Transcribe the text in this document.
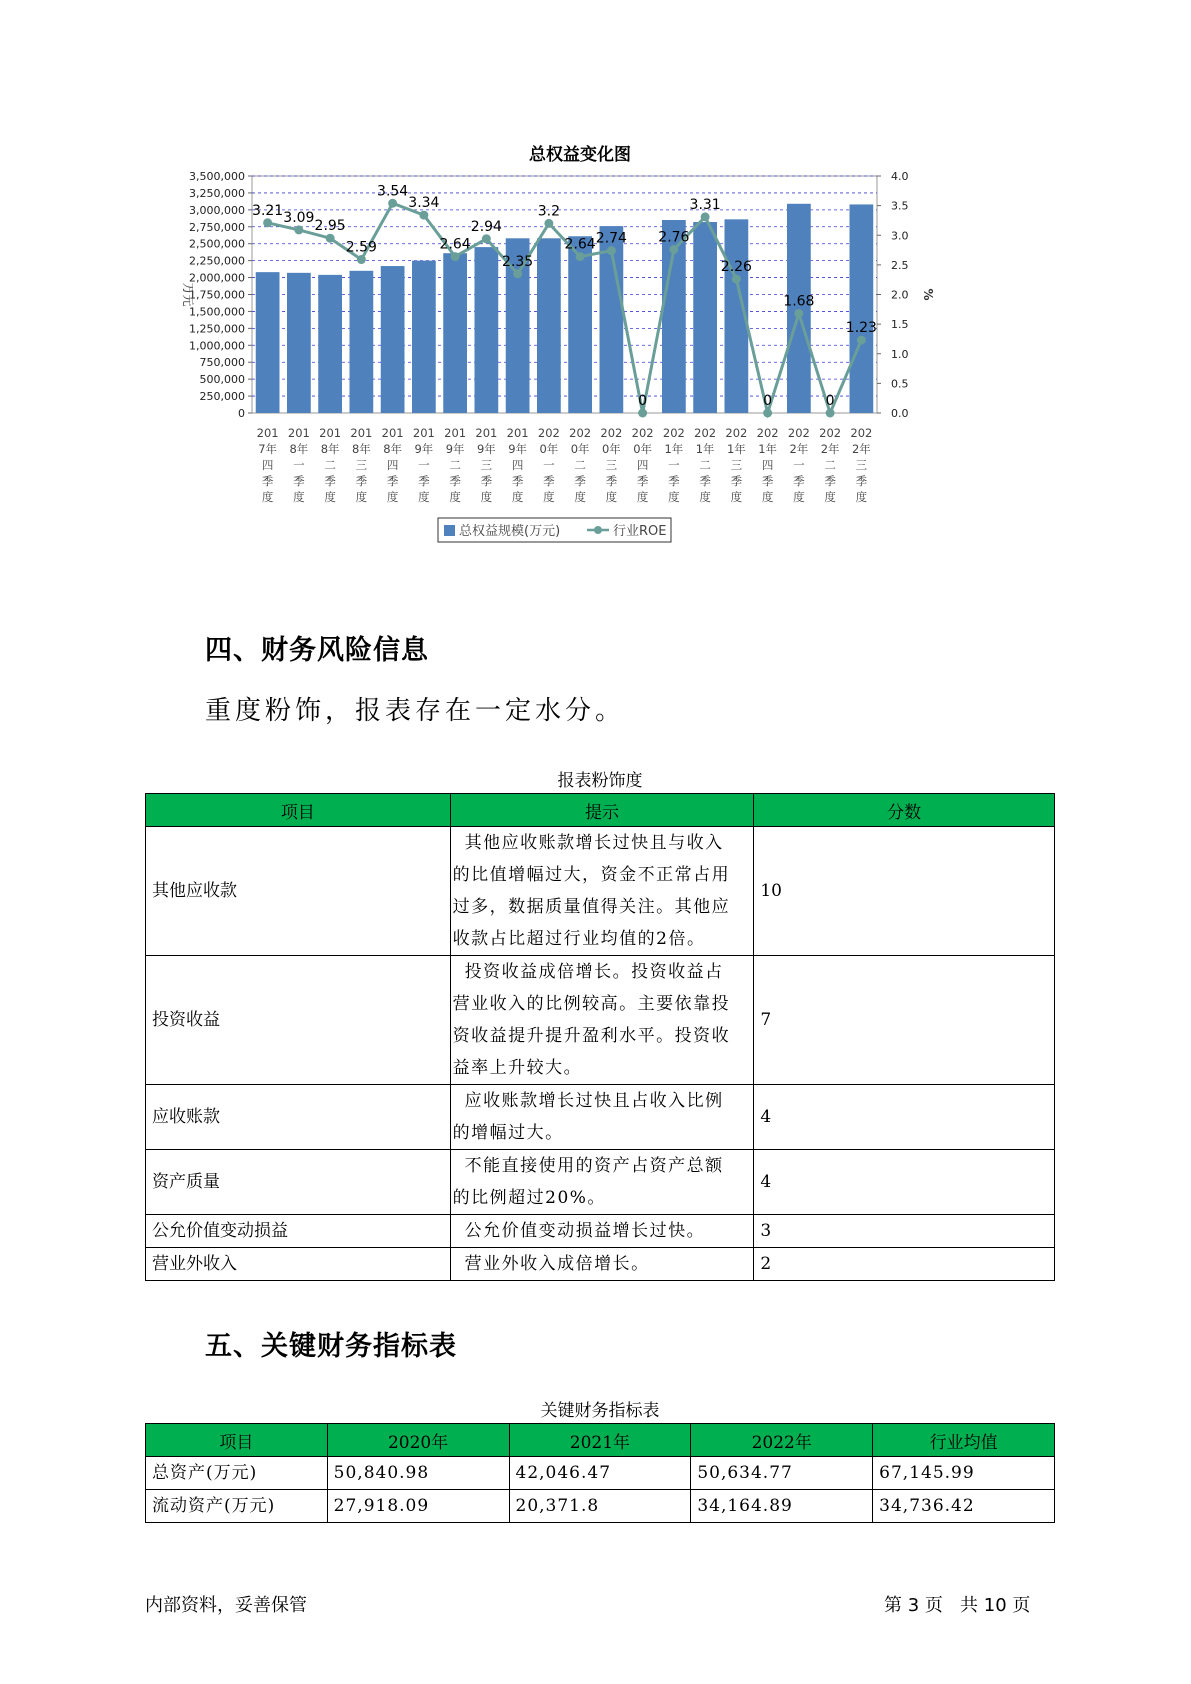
总权益变化图
0
250,000
500,000
750,000
1,000,000
1,250,000
1,500,000
1,750,000
2,000,000
2,250,000
2,500,000
2,750,000
3,000,000
3,250,000
3,500,000
0.0
0.5
1.0
1.5
2.0
2.5
3.0
3.5
4.0
万元	%
3.21 3.09
2.95
2.59
3.54
3.34
2.64
2.94
2.35
3.2
2.64 2.74
0
2.76
3.31
2.26
0
1.68
0
1.23
201
7年
四
季
度
201
8年
一
季
度
201
8年
二
季
度
201
8年
三
季
度
201
8年
四
季
度
201
9年
一
季
度
201
9年
二
季
度
201
9年
三
季
度
201
9年
四
季
度
202
0年
一
季
度
202
0年
二
季
度
202
0年
三
季
度
202
0年
四
季
度
202
1年
一
季
度
202
1年
二
季
度
202
1年
三
季
度
202
1年
四
季
度
202
2年
一
季
度
202
2年
二
季
度
202
2年
三
季
度
总权益规模(万元)	行业ROE
四、财务风险信息
重度粉饰，报表存在一定水分。
报表粉饰度
项目	提示	分数
其他应收款	其他应收账款增长过快且与收入
的比值增幅过大，资金不正常占用
过多，数据质量值得关注。其他应
收款占比超过行业均值的2倍。	10
投资收益	投资收益成倍增长。投资收益占
营业收入的比例较高。主要依靠投
资收益提升提升盈利水平。投资收
益率上升较大。	7
应收账款	应收账款增长过快且占收入比例
的增幅过大。	4
资产质量	不能直接使用的资产占资产总额
的比例超过20%。	4
公允价值变动损益	公允价值变动损益增长过快。	3
营业外收入	营业外收入成倍增长。	2
五、关键财务指标表
关键财务指标表
项目	2020年	2021年	2022年	行业均值
总资产(万元)	50,840.98	42,046.47	50,634.77	67,145.99
流动资产(万元)	27,918.09	20,371.8	34,164.89	34,736.42
内部资料，妥善保管	第 3 页   共 10 页
